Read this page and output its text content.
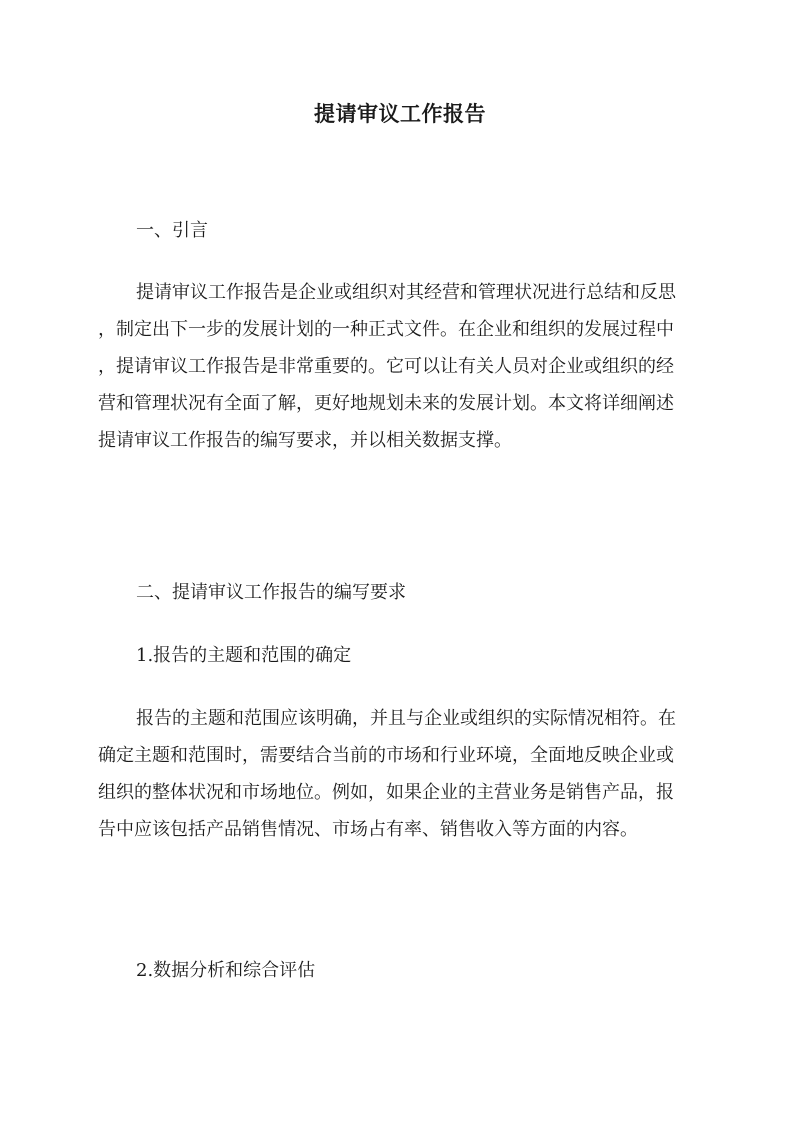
提请审议工作报告
一、引言
提请审议工作报告是企业或组织对其经营和管理状况进行总结和反思
，制定出下一步的发展计划的一种正式文件。在企业和组织的发展过程中
，提请审议工作报告是非常重要的。它可以让有关人员对企业或组织的经
营和管理状况有全面了解，更好地规划未来的发展计划。本文将详细阐述
提请审议工作报告的编写要求，并以相关数据支撑。
二、提请审议工作报告的编写要求
1.报告的主题和范围的确定
报告的主题和范围应该明确，并且与企业或组织的实际情况相符。在
确定主题和范围时，需要结合当前的市场和行业环境，全面地反映企业或
组织的整体状况和市场地位。例如，如果企业的主营业务是销售产品，报
告中应该包括产品销售情况、市场占有率、销售收入等方面的内容。
2.数据分析和综合评估
